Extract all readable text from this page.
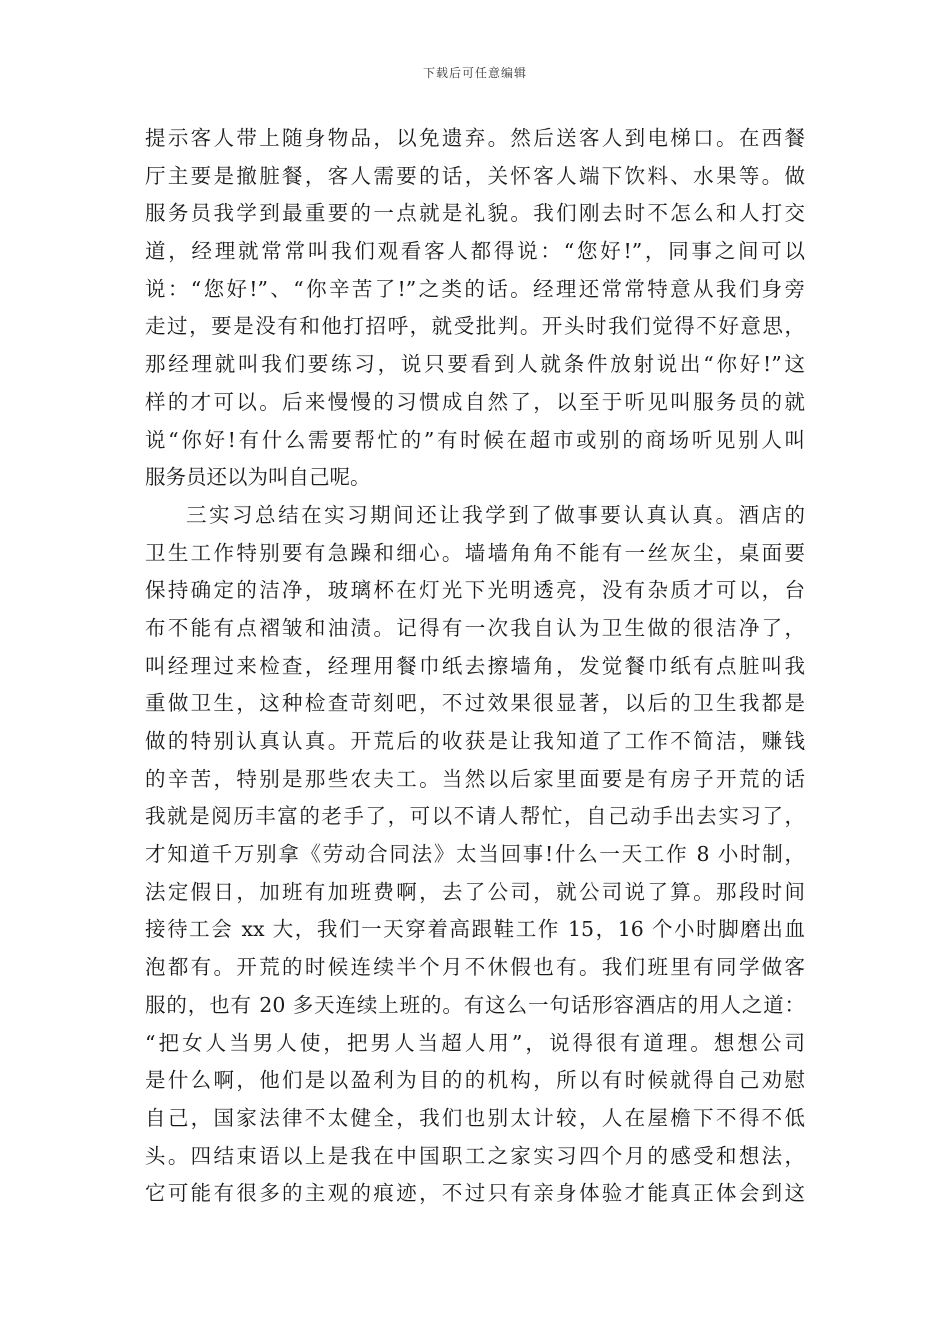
下载后可任意编辑
提示客人带上随身物品，以免遗弃。然后送客人到电梯口。在西餐
厅主要是撤脏餐，客人需要的话，关怀客人端下饮料、水果等。做
服务员我学到最重要的一点就是礼貌。我们刚去时不怎么和人打交
道，经理就常常叫我们观看客人都得说：“您好!”，同事之间可以
说：“您好!”、“你辛苦了!”之类的话。经理还常常特意从我们身旁
走过，要是没有和他打招呼，就受批判。开头时我们觉得不好意思，
那经理就叫我们要练习，说只要看到人就条件放射说出“你好!”这
样的才可以。后来慢慢的习惯成自然了，以至于听见叫服务员的就
说“你好!有什么需要帮忙的”有时候在超市或别的商场听见别人叫
服务员还以为叫自己呢。
三实习总结在实习期间还让我学到了做事要认真认真。酒店的
卫生工作特别要有急躁和细心。墙墙角角不能有一丝灰尘，桌面要
保持确定的洁净，玻璃杯在灯光下光明透亮，没有杂质才可以，台
布不能有点褶皱和油渍。记得有一次我自认为卫生做的很洁净了，
叫经理过来检查，经理用餐巾纸去擦墙角，发觉餐巾纸有点脏叫我
重做卫生，这种检查苛刻吧，不过效果很显著，以后的卫生我都是
做的特别认真认真。开荒后的收获是让我知道了工作不简洁，赚钱
的辛苦，特别是那些农夫工。当然以后家里面要是有房子开荒的话
我就是阅历丰富的老手了，可以不请人帮忙，自己动手出去实习了，
才知道千万别拿《劳动合同法》太当回事!什么一天工作 8 小时制，
法定假日，加班有加班费啊，去了公司，就公司说了算。那段时间
接待工会 xx 大，我们一天穿着高跟鞋工作 15，16 个小时脚磨出血
泡都有。开荒的时候连续半个月不休假也有。我们班里有同学做客
服的，也有 20 多天连续上班的。有这么一句话形容酒店的用人之道：
“把女人当男人使，把男人当超人用”，说得很有道理。想想公司
是什么啊，他们是以盈利为目的的机构，所以有时候就得自己劝慰
自己，国家法律不太健全，我们也别太计较，人在屋檐下不得不低
头。四结束语以上是我在中国职工之家实习四个月的感受和想法，
它可能有很多的主观的痕迹，不过只有亲身体验才能真正体会到这
